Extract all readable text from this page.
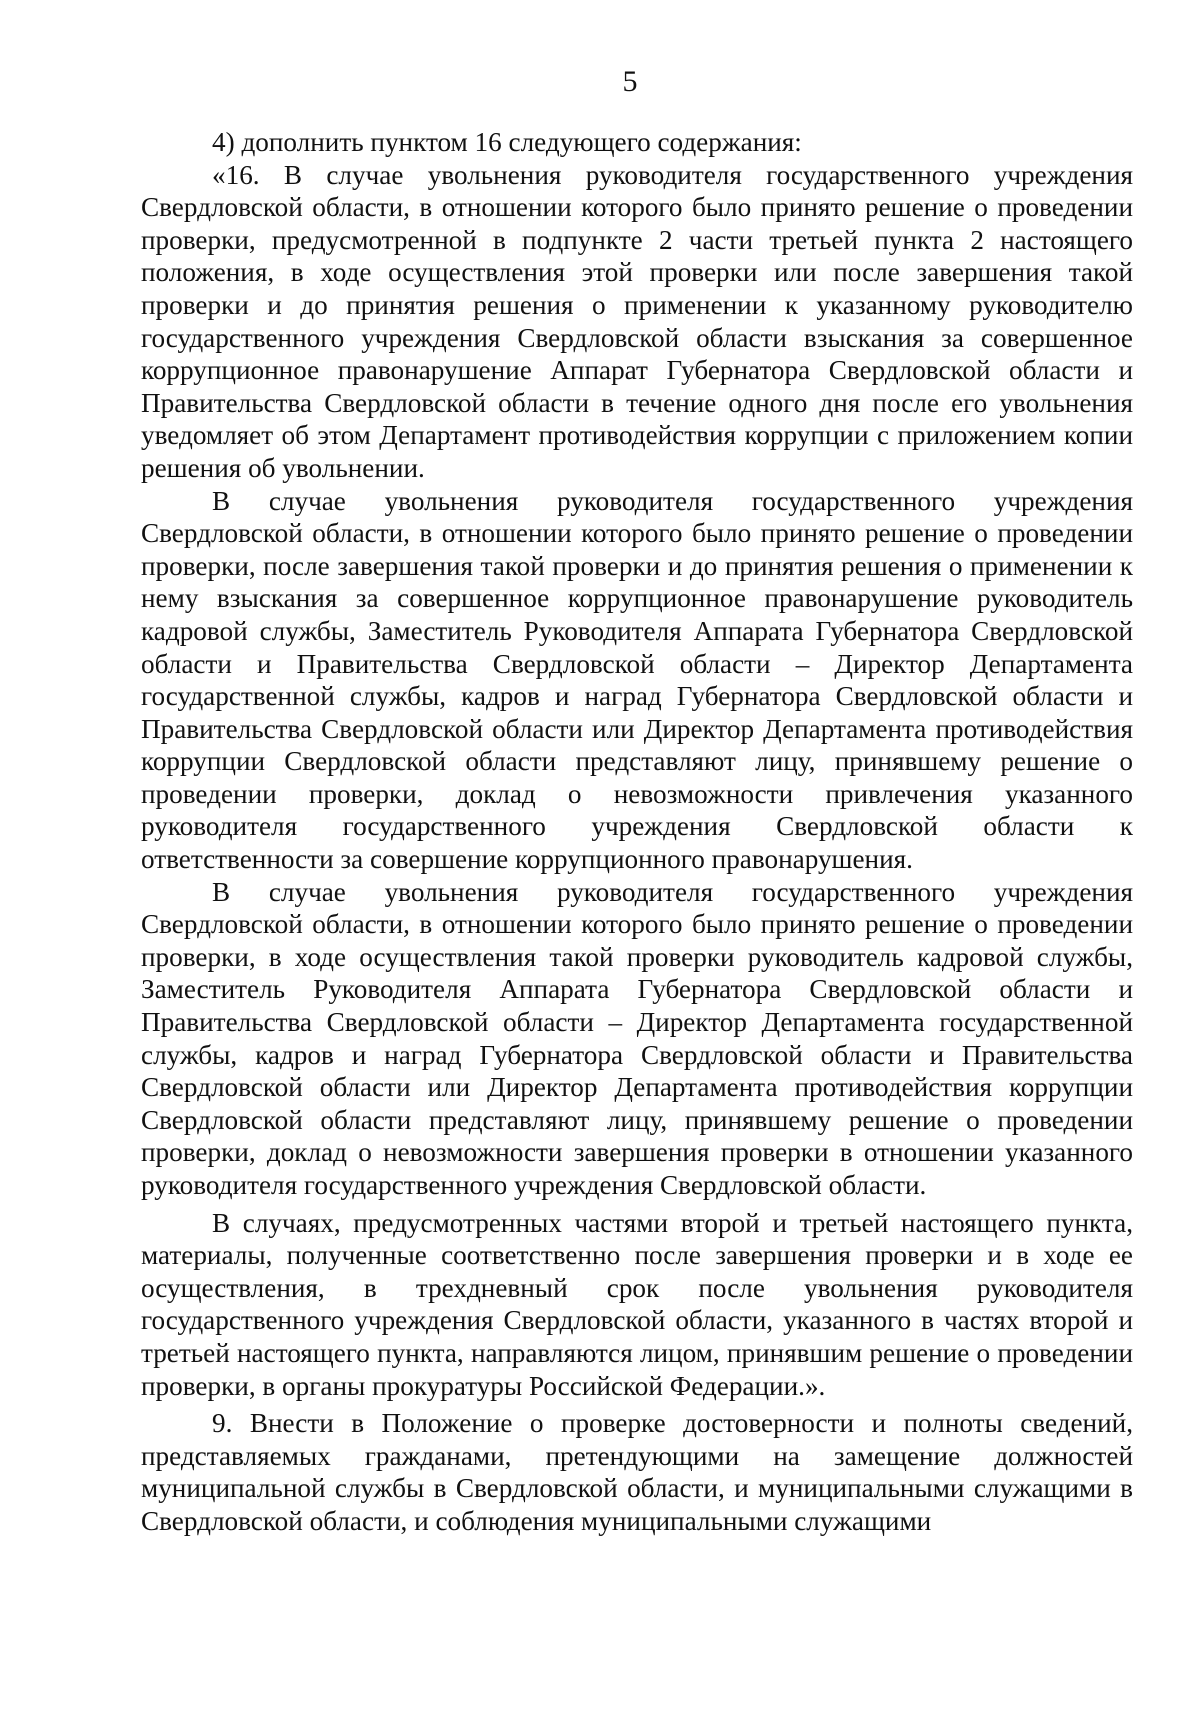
5

4) дополнить пунктом 16 следующего содержания:

«16. В случае увольнения руководителя государственного учреждения Свердловской области, в отношении которого было принято решение о проведении проверки, предусмотренной в подпункте 2 части третьей пункта 2 настоящего положения, в ходе осуществления этой проверки или после завершения такой проверки и до принятия решения о применении к указанному руководителю государственного учреждения Свердловской области взыскания за совершенное коррупционное правонарушение Аппарат Губернатора Свердловской области и Правительства Свердловской области в течение одного дня после его увольнения уведомляет об этом Департамент противодействия коррупции с приложением копии решения об увольнении.

В случае увольнения руководителя государственного учреждения Свердловской области, в отношении которого было принято решение о проведении проверки, после завершения такой проверки и до принятия решения о применении к нему взыскания за совершенное коррупционное правонарушение руководитель кадровой службы, Заместитель Руководителя Аппарата Губернатора Свердловской области и Правительства Свердловской области – Директор Департамента государственной службы, кадров и наград Губернатора Свердловской области и Правительства Свердловской области или Директор Департамента противодействия коррупции Свердловской области представляют лицу, принявшему решение о проведении проверки, доклад о невозможности привлечения указанного руководителя государственного учреждения Свердловской области к ответственности за совершение коррупционного правонарушения.

В случае увольнения руководителя государственного учреждения Свердловской области, в отношении которого было принято решение о проведении проверки, в ходе осуществления такой проверки руководитель кадровой службы, Заместитель Руководителя Аппарата Губернатора Свердловской области и Правительства Свердловской области – Директор Департамента государственной службы, кадров и наград Губернатора Свердловской области и Правительства Свердловской области или Директор Департамента противодействия коррупции Свердловской области представляют лицу, принявшему решение о проведении проверки, доклад о невозможности завершения проверки в отношении указанного руководителя государственного учреждения Свердловской области.

В случаях, предусмотренных частями второй и третьей настоящего пункта, материалы, полученные соответственно после завершения проверки и в ходе ее осуществления, в трехдневный срок после увольнения руководителя государственного учреждения Свердловской области, указанного в частях второй и третьей настоящего пункта, направляются лицом, принявшим решение о проведении проверки, в органы прокуратуры Российской Федерации.».

9. Внести в Положение о проверке достоверности и полноты сведений, представляемых гражданами, претендующими на замещение должностей муниципальной службы в Свердловской области, и муниципальными служащими в Свердловской области, и соблюдения муниципальными служащими
